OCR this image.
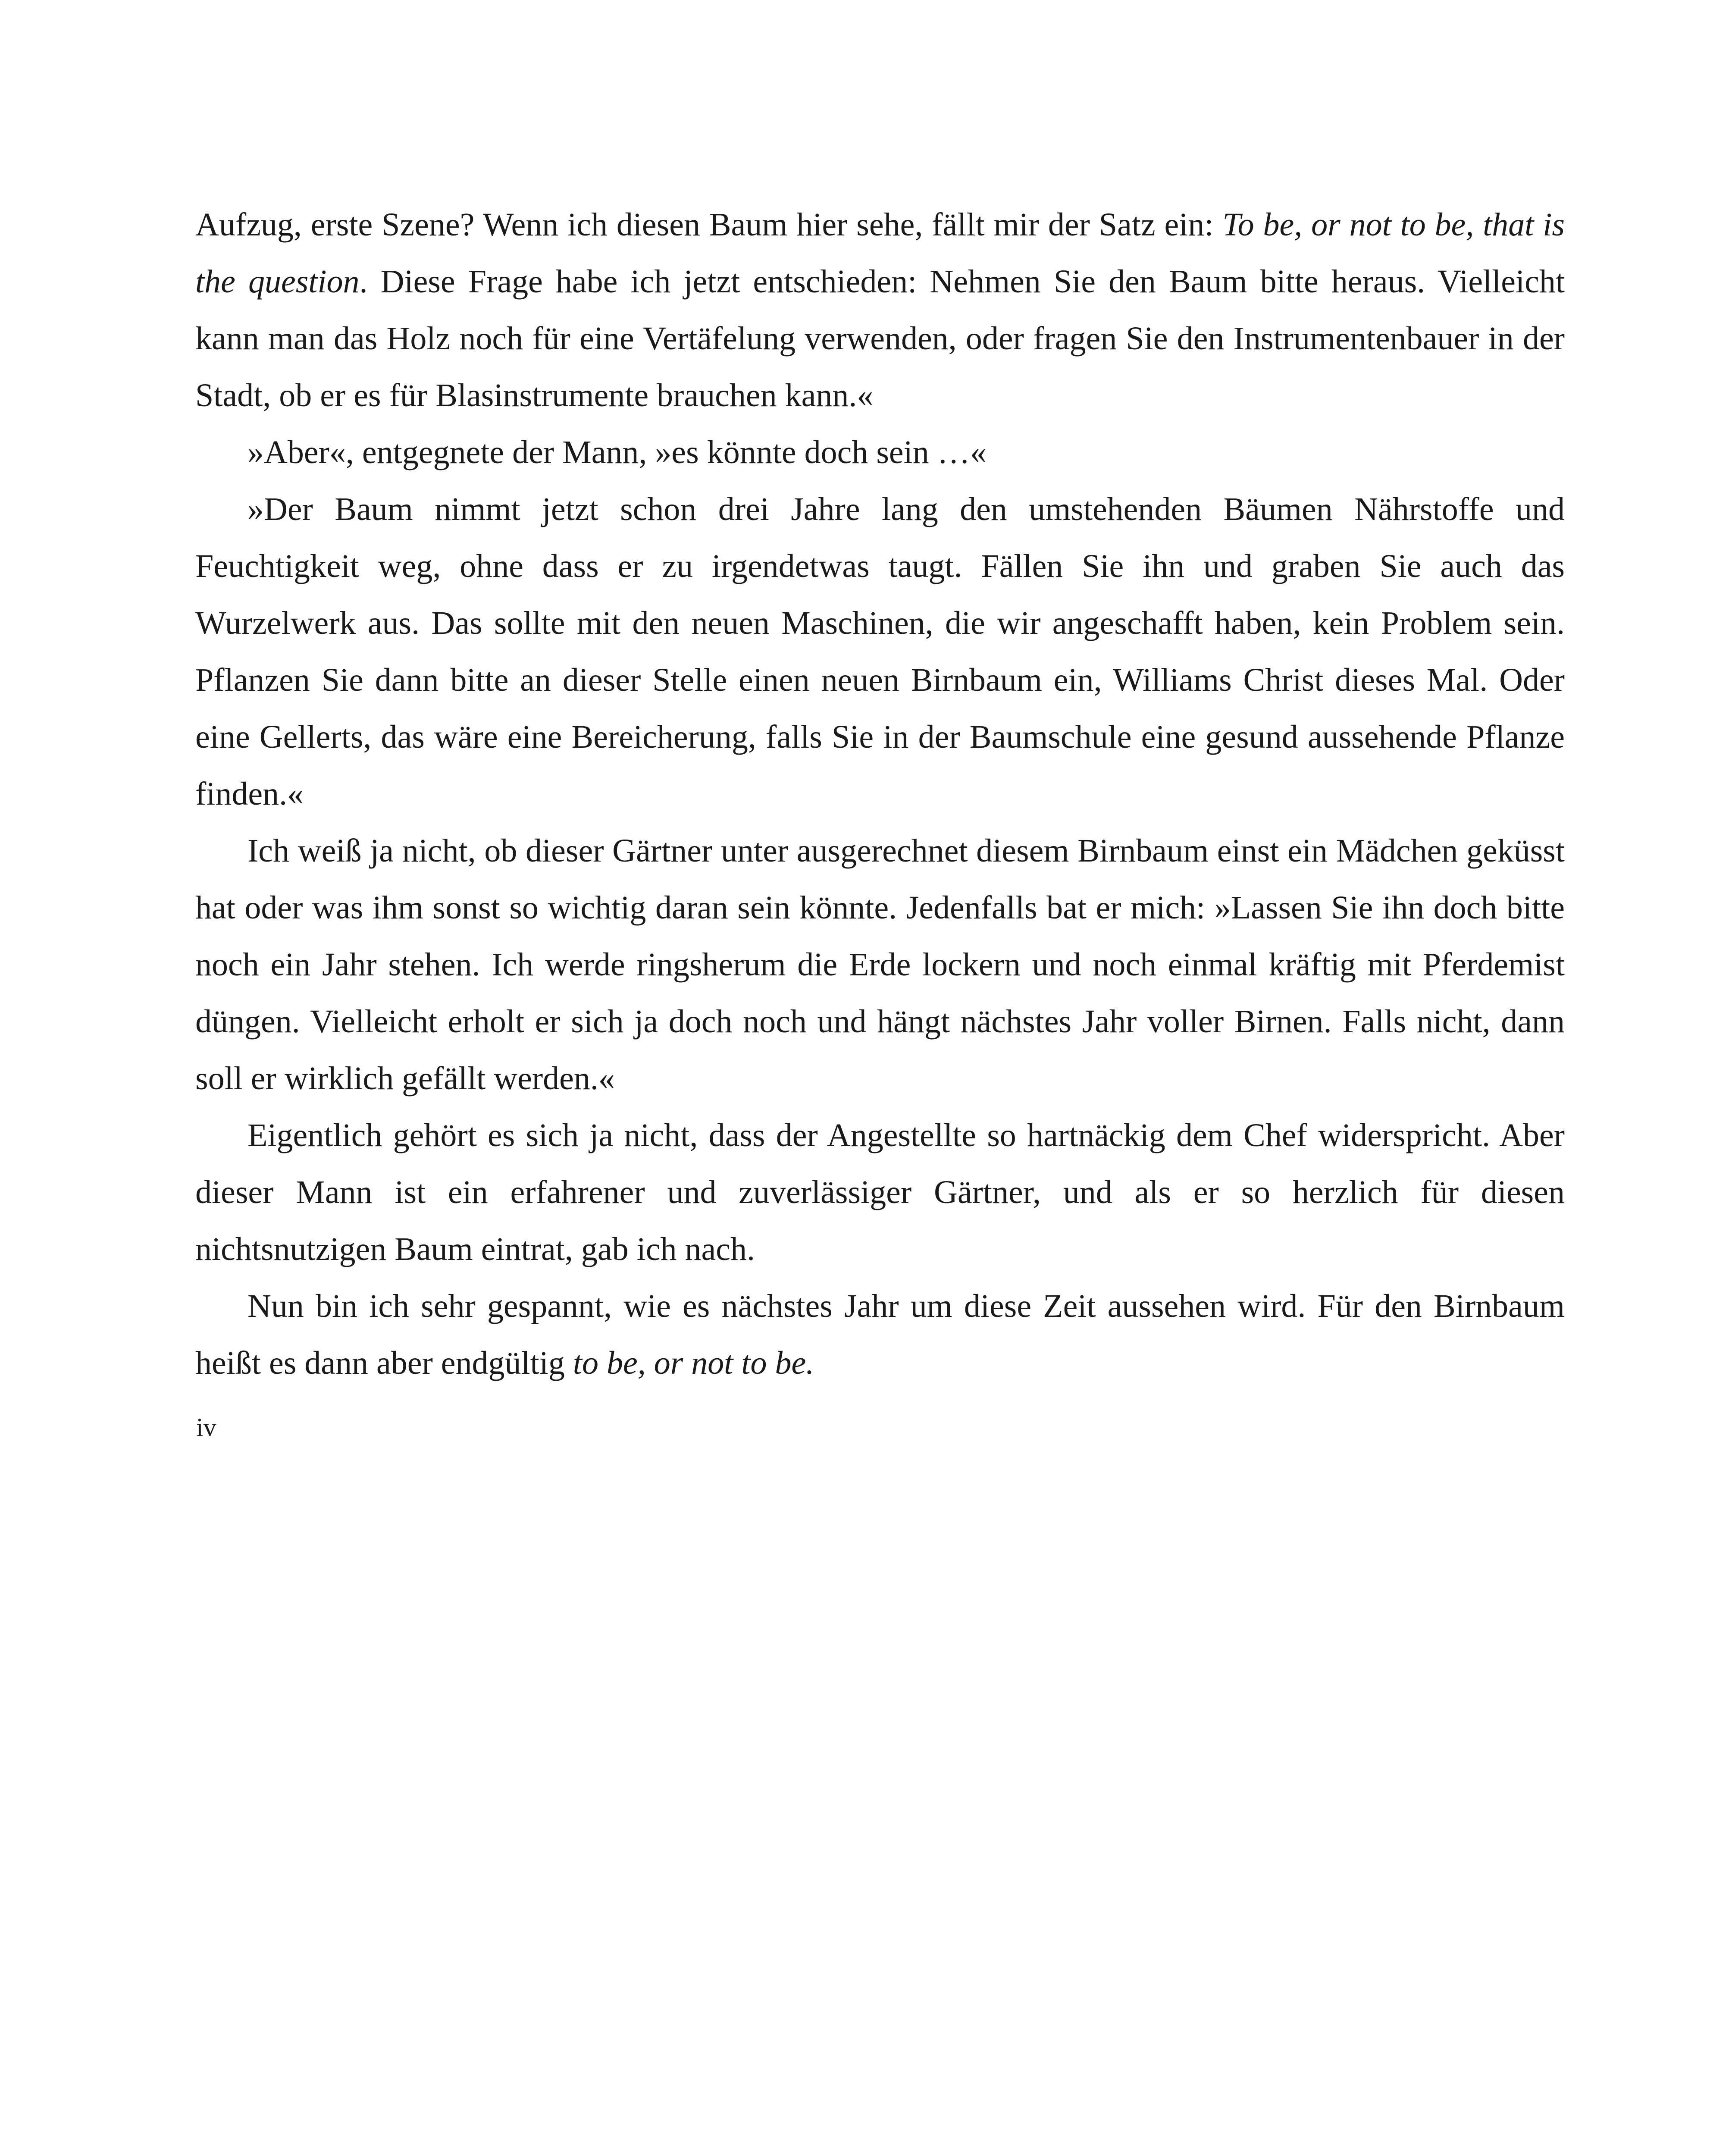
Aufzug, erste Szene? Wenn ich diesen Baum hier sehe, fällt mir der Satz ein: To be, or not to be, that is the question. Diese Frage habe ich jetzt entschieden: Nehmen Sie den Baum bitte heraus. Vielleicht kann man das Holz noch für eine Vertäfelung verwenden, oder fragen Sie den Instrumentenbauer in der Stadt, ob er es für Blasinstrumente brauchen kann.«

»Aber«, entgegnete der Mann, »es könnte doch sein …«

»Der Baum nimmt jetzt schon drei Jahre lang den umstehenden Bäumen Nährstoffe und Feuchtigkeit weg, ohne dass er zu irgendetwas taugt. Fällen Sie ihn und graben Sie auch das Wurzelwerk aus. Das sollte mit den neuen Maschinen, die wir angeschafft haben, kein Problem sein. Pflanzen Sie dann bitte an dieser Stelle einen neuen Birnbaum ein, Williams Christ dieses Mal. Oder eine Gellerts, das wäre eine Bereicherung, falls Sie in der Baumschule eine gesund aussehende Pflanze finden.«

Ich weiß ja nicht, ob dieser Gärtner unter ausgerechnet diesem Birnbaum einst ein Mädchen geküsst hat oder was ihm sonst so wichtig daran sein könnte. Jedenfalls bat er mich: »Lassen Sie ihn doch bitte noch ein Jahr stehen. Ich werde ringsherum die Erde lockern und noch einmal kräftig mit Pferdemist düngen. Vielleicht erholt er sich ja doch noch und hängt nächstes Jahr voller Birnen. Falls nicht, dann soll er wirklich gefällt werden.«

Eigentlich gehört es sich ja nicht, dass der Angestellte so hartnäckig dem Chef widerspricht. Aber dieser Mann ist ein erfahrener und zuverlässiger Gärtner, und als er so herzlich für diesen nichtsnutzigen Baum eintrat, gab ich nach.

Nun bin ich sehr gespannt, wie es nächstes Jahr um diese Zeit aussehen wird. Für den Birnbaum heißt es dann aber endgültig to be, or not to be.

iv
